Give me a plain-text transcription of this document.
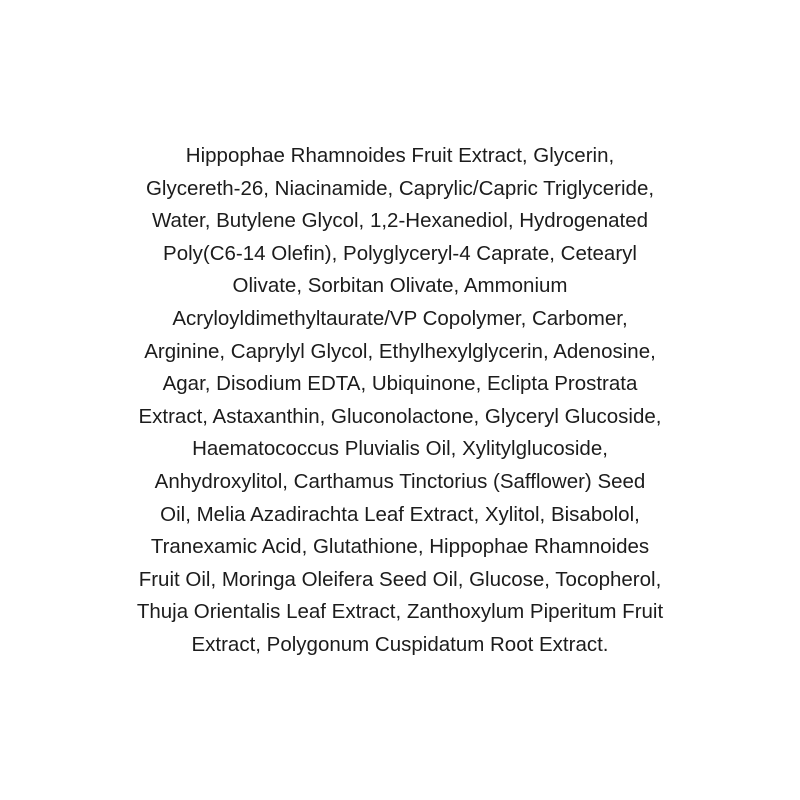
Hippophae Rhamnoides Fruit Extract, Glycerin,
Glycereth-26, Niacinamide, Caprylic/Capric Triglyceride,
Water, Butylene Glycol, 1,2-Hexanediol, Hydrogenated
Poly(C6-14 Olefin), Polyglyceryl-4 Caprate, Cetearyl
Olivate, Sorbitan Olivate, Ammonium
Acryloyldimethyltaurate/VP Copolymer, Carbomer,
Arginine, Caprylyl Glycol, Ethylhexylglycerin, Adenosine,
Agar, Disodium EDTA, Ubiquinone, Eclipta Prostrata
Extract, Astaxanthin, Gluconolactone, Glyceryl Glucoside,
Haematococcus Pluvialis Oil, Xylitylglucoside,
Anhydroxylitol, Carthamus Tinctorius (Safflower) Seed
Oil, Melia Azadirachta Leaf Extract, Xylitol, Bisabolol,
Tranexamic Acid, Glutathione, Hippophae Rhamnoides
Fruit Oil, Moringa Oleifera Seed Oil, Glucose, Tocopherol,
Thuja Orientalis Leaf Extract, Zanthoxylum Piperitum Fruit
Extract, Polygonum Cuspidatum Root Extract.
